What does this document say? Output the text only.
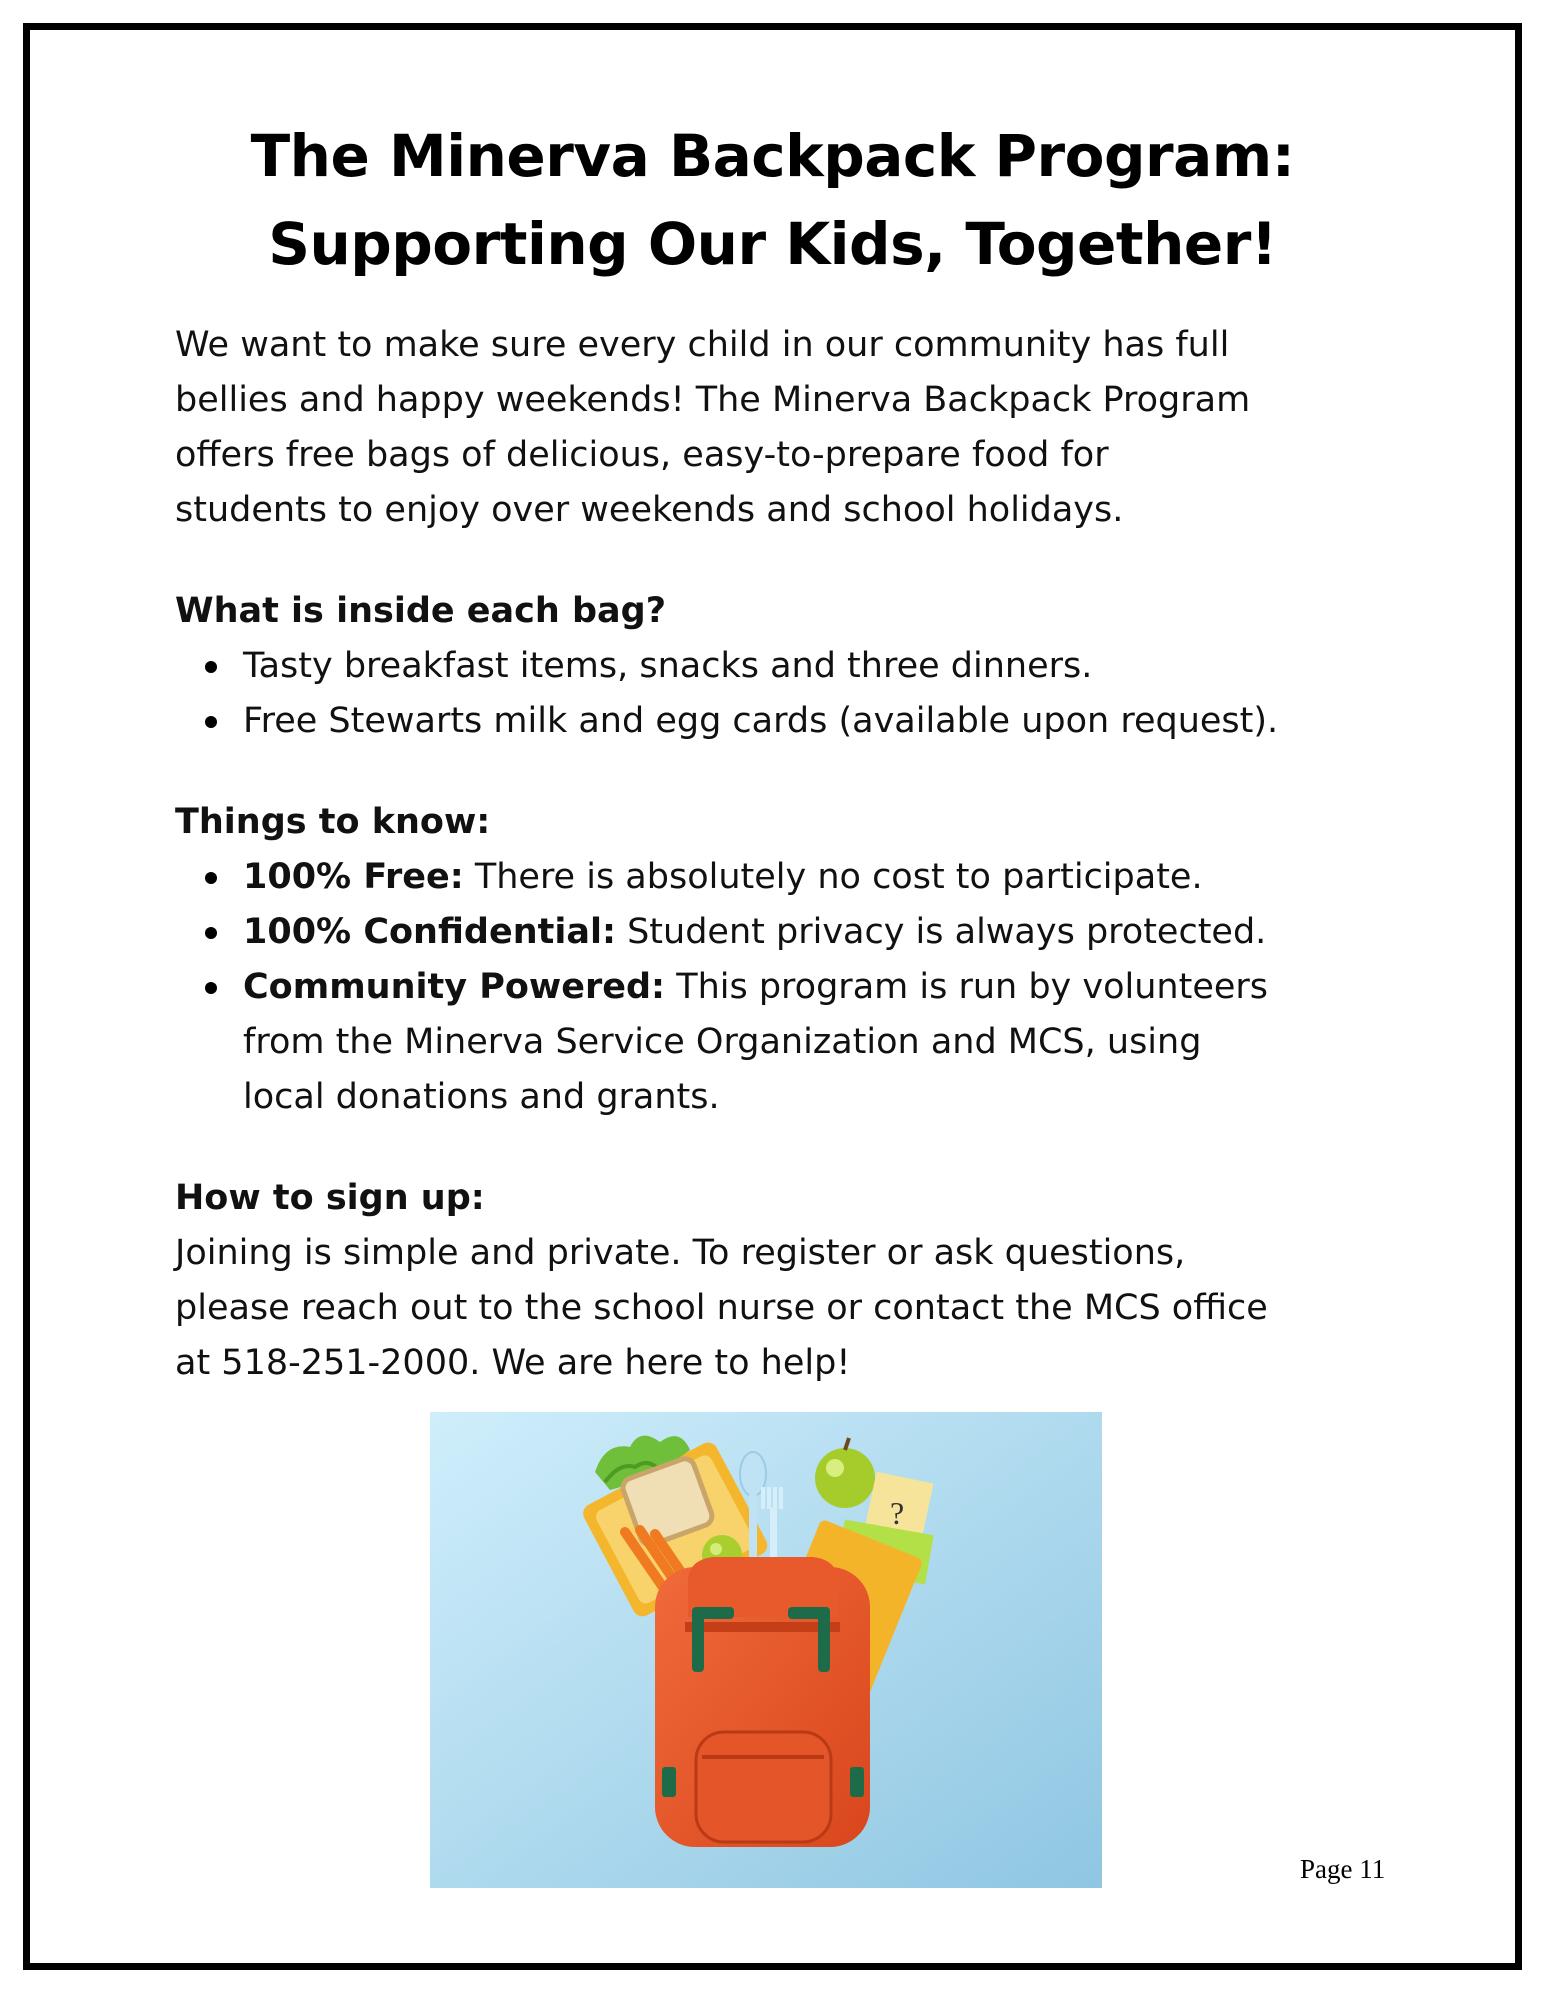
The Minerva Backpack Program:
Supporting Our Kids, Together!
We want to make sure every child in our community has full
bellies and happy weekends! The Minerva Backpack Program
offers free bags of delicious, easy-to-prepare food for
students to enjoy over weekends and school holidays.
What is inside each bag?
Tasty breakfast items, snacks and three dinners.
Free Stewarts milk and egg cards (available upon request).
Things to know:
100% Free: There is absolutely no cost to participate.
100% Confidential: Student privacy is always protected.
Community Powered: This program is run by volunteers
from the Minerva Service Organization and MCS, using
local donations and grants.
How to sign up:
Joining is simple and private. To register or ask questions,
please reach out to the school nurse or contact the MCS office
at 518-251-2000. We are here to help!
?
Page 11
